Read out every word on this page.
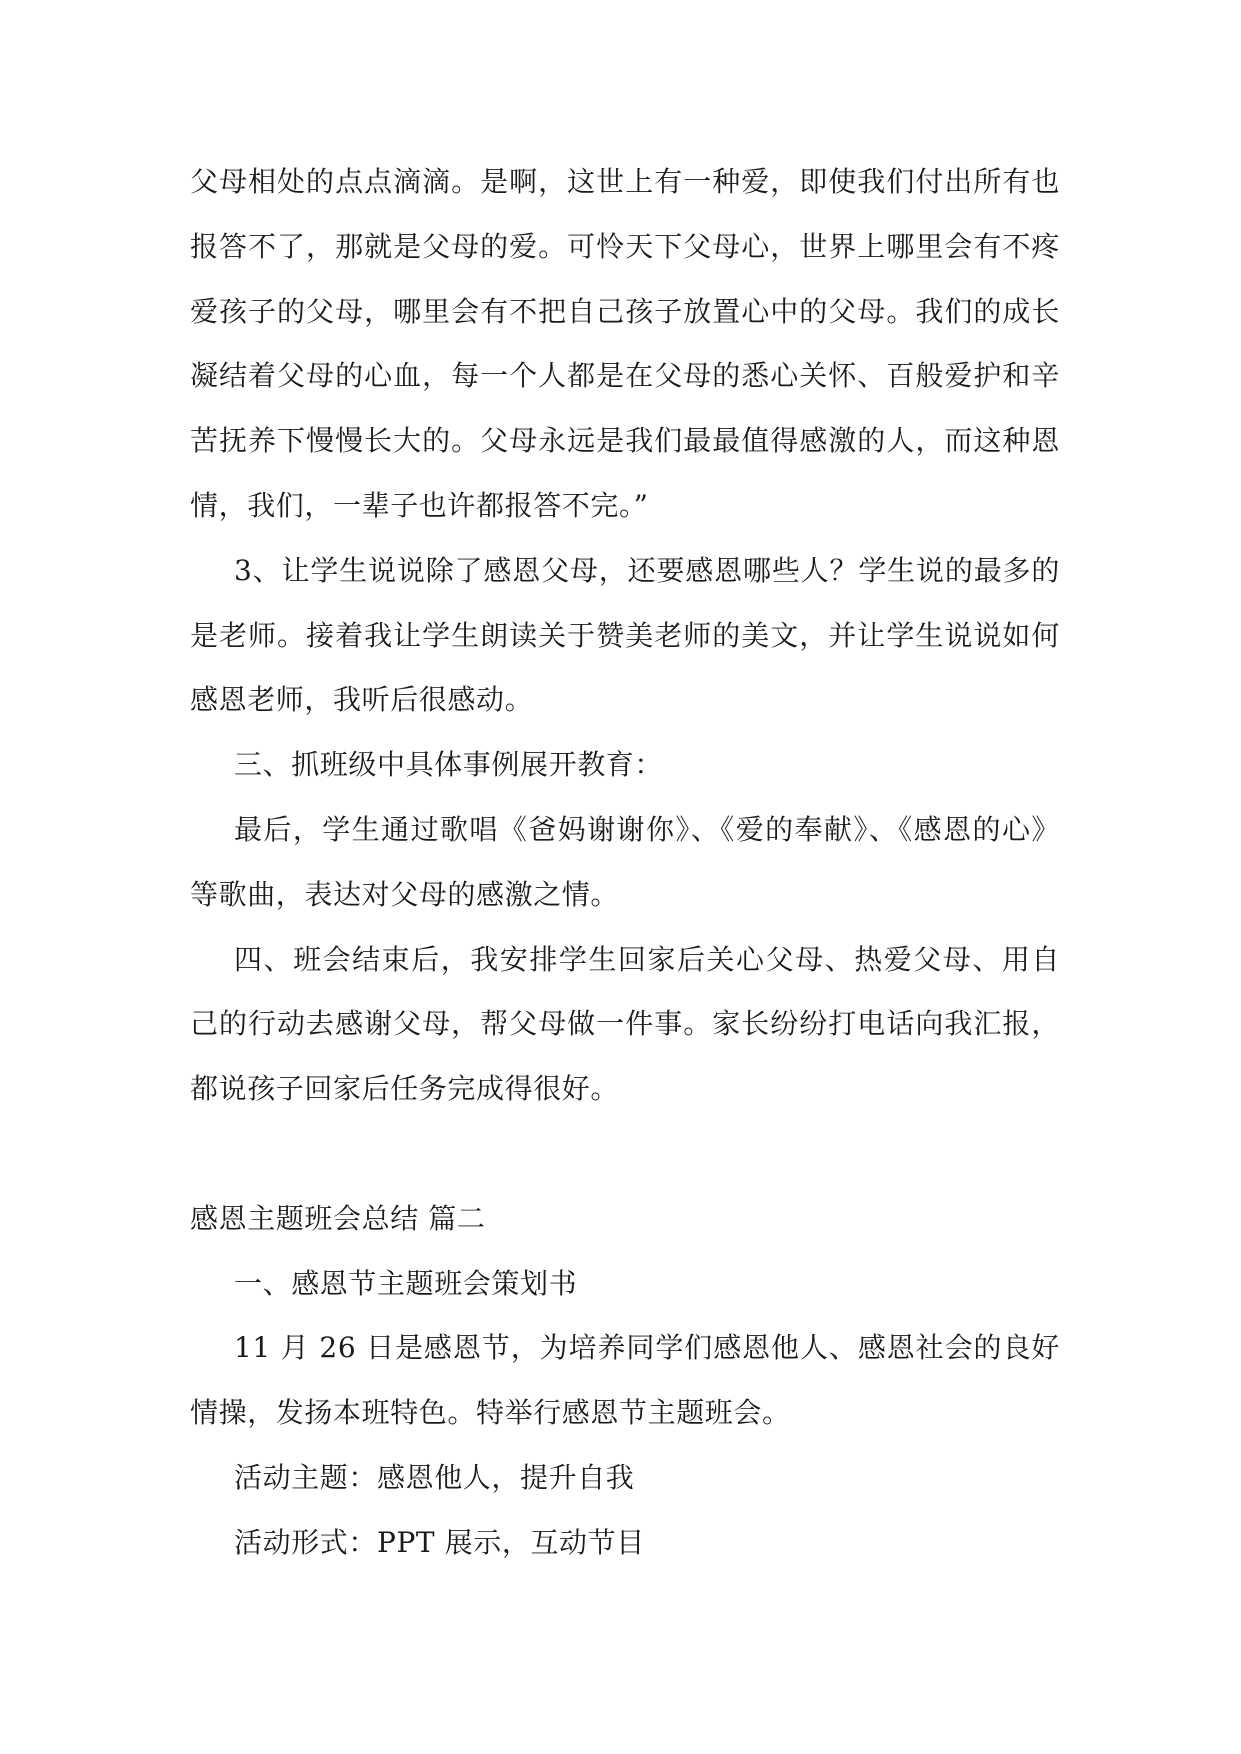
父母相处的点点滴滴。是啊，这世上有一种爱，即使我们付出所有也报答不了，那就是父母的爱。可怜天下父母心，世界上哪里会有不疼爱孩子的父母，哪里会有不把自己孩子放置心中的父母。我们的成长凝结着父母的心血，每一个人都是在父母的悉心关怀、百般爱护和辛苦抚养下慢慢长大的。父母永远是我们最最值得感激的人，而这种恩情，我们，一辈子也许都报答不完。”

3、让学生说说除了感恩父母，还要感恩哪些人？学生说的最多的是老师。接着我让学生朗读关于赞美老师的美文，并让学生说说如何感恩老师，我听后很感动。

三、抓班级中具体事例展开教育：

最后，学生通过歌唱《爸妈谢谢你》、《爱的奉献》、《感恩的心》等歌曲，表达对父母的感激之情。

四、班会结束后，我安排学生回家后关心父母、热爱父母、用自己的行动去感谢父母，帮父母做一件事。家长纷纷打电话向我汇报，都说孩子回家后任务完成得很好。

感恩主题班会总结 篇二

一、感恩节主题班会策划书

11 月 26 日是感恩节，为培养同学们感恩他人、感恩社会的良好情操，发扬本班特色。特举行感恩节主题班会。

活动主题：感恩他人，提升自我

活动形式：PPT 展示，互动节目
